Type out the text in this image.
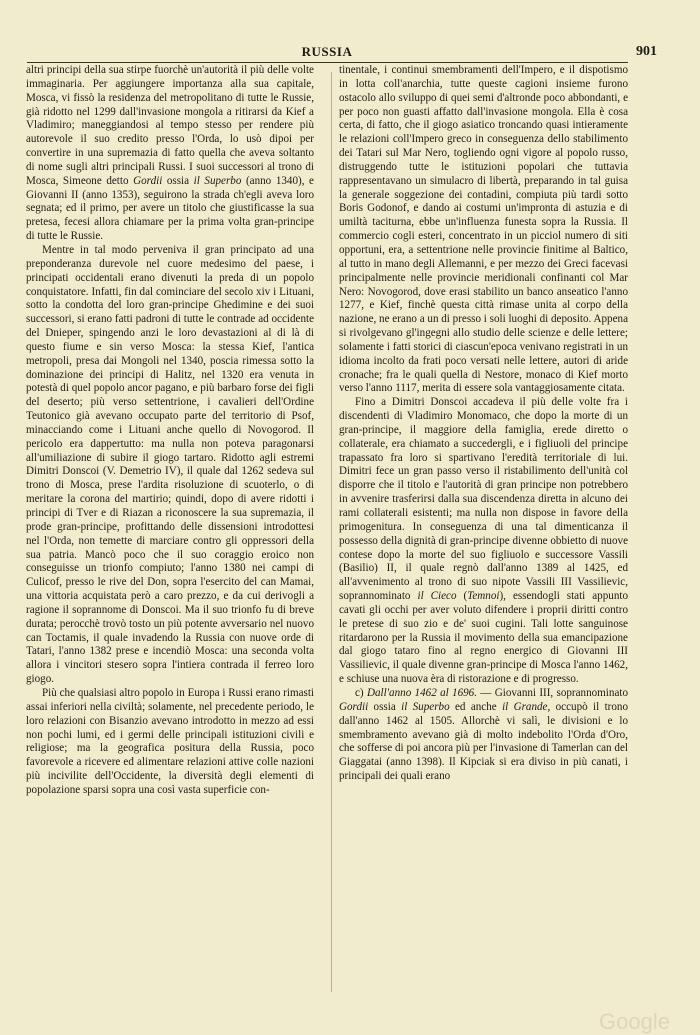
RUSSIA	901

altri principi della sua stirpe fuorchè un'autorità il più delle volte immaginaria. Per aggiungere importanza alla sua capitale, Mosca, vi fissò la residenza del metropolitano di tutte le Russie, già ridotto nel 1299 dall'invasione mongola a ritirarsi da Kief a Vladimiro; maneggiandosi al tempo stesso per rendere più autorevole il suo credito presso l'Orda, lo usò dipoi per convertire in una supremazia di fatto quella che aveva soltanto di nome sugli altri principali Russi. I suoi successori al trono di Mosca, Simeone detto Gordii ossia il Superbo (anno 1340), e Giovanni II (anno 1353), seguirono la strada ch'egli aveva loro segnata; ed il primo, per avere un titolo che giustificasse la sua pretesa, fecesi allora chiamare per la prima volta gran-principe di tutte le Russie.

Mentre in tal modo perveniva il gran principato ad una preponderanza durevole nel cuore medesimo del paese, i principati occidentali erano divenuti la preda di un popolo conquistatore. Infatti, fin dal cominciare del secolo xiv i Lituani, sotto la condotta del loro gran-principe Ghedimine e dei suoi successori, si erano fatti padroni di tutte le contrade ad occidente del Dnieper, spingendo anzi le loro devastazioni al di là di questo fiume e sin verso Mosca: la stessa Kief, l'antica metropoli, presa dai Mongoli nel 1340, poscia rimessa sotto la dominazione dei principi di Halitz, nel 1320 era venuta in potestà di quel popolo ancor pagano, e più barbaro forse dei figli del deserto; più verso settentrione, i cavalieri dell'Ordine Teutonico già avevano occupato parte del territorio di Psof, minacciando come i Lituani anche quello di Novogorod. Il pericolo era dappertutto: ma nulla non poteva paragonarsi all'umiliazione di subire il giogo tartaro. Ridotto agli estremi Dimitri Donscoi (V. Demetrio IV), il quale dal 1262 sedeva sul trono di Mosca, prese l'ardita risoluzione di scuoterlo, o di meritare la corona del martirio; quindi, dopo di avere ridotti i principi di Tver e di Riazan a riconoscere la sua supremazia, il prode gran-principe, profittando delle dissensioni introdottesi nel l'Orda, non temette di marciare contro gli oppressori della sua patria. Mancò poco che il suo coraggio eroico non conseguisse un trionfo compiuto; l'anno 1380 nei campi di Culicof, presso le rive del Don, sopra l'esercito del can Mamai, una vittoria acquistata però a caro prezzo, e da cui derivogli a ragione il soprannome di Donscoi. Ma il suo trionfo fu di breve durata; perocchè trovò tosto un più potente avversario nel nuovo can Toctamis, il quale invadendo la Russia con nuove orde di Tatari, l'anno 1382 prese e incendiò Mosca: una seconda volta allora i vincitori stesero sopra l'intiera contrada il ferreo loro giogo.

Più che qualsiasi altro popolo in Europa i Russi erano rimasti assai inferiori nella civiltà; solamente, nel precedente periodo, le loro relazioni con Bisanzio avevano introdotto in mezzo ad essi non pochi lumi, ed i germi delle principali istituzioni civili e religiose; ma la geografica positura della Russia, poco favorevole a ricevere ed alimentare relazioni attive colle nazioni più incivilite dell'Occidente, la diversità degli elementi di popolazione sparsi sopra una così vasta superficie con-

tinentale, i continui smembramenti dell'Impero, e il dispotismo in lotta coll'anarchia, tutte queste cagioni insieme furono ostacolo allo sviluppo di quei semi d'altronde poco abbondanti, e per poco non guasti affatto dall'invasione mongola. Ella è cosa certa, di fatto, che il giogo asiatico troncando quasi intieramente le relazioni coll'Impero greco in conseguenza dello stabilimento dei Tatari sul Mar Nero, togliendo ogni vigore al popolo russo, distruggendo tutte le istituzioni popolari che tuttavia rappresentavano un simulacro di libertà, preparando in tal guisa la generale soggezione dei contadini, compiuta più tardi sotto Boris Godonof, e dando ai costumi un'impronta di astuzia e di umiltà taciturna, ebbe un'influenza funesta sopra la Russia. Il commercio cogli esteri, concentrato in un picciol numero di siti opportuni, era, a settentrione nelle provincie finitime al Baltico, al tutto in mano degli Allemanni, e per mezzo dei Greci facevasi principalmente nelle provincie meridionali confinanti col Mar Nero: Novogorod, dove erasi stabilito un banco anseatico l'anno 1277, e Kief, finchè questa città rimase unita al corpo della nazione, ne erano a un di presso i soli luoghi di deposito. Appena si rivolgevano gl'ingegni allo studio delle scienze e delle lettere; solamente i fatti storici di ciascun'epoca venivano registrati in un idioma incolto da frati poco versati nelle lettere, autori di aride cronache; fra le quali quella di Nestore, monaco di Kief morto verso l'anno 1117, merita di essere sola vantaggiosamente citata.

Fino a Dimitri Donscoi accadeva il più delle volte fra i discendenti di Vladimiro Monomaco, che dopo la morte di un gran-principe, il maggiore della famiglia, erede diretto o collaterale, era chiamato a succedergli, e i figliuoli del principe trapassato fra loro si spartivano l'eredità territoriale di lui. Dimitri fece un gran passo verso il ristabilimento dell'unità col disporre che il titolo e l'autorità di gran principe non potrebbero in avvenire trasferirsi dalla sua discendenza diretta in alcuno dei rami collaterali esistenti; ma nulla non dispose in favore della primogenitura. In conseguenza di una tal dimenticanza il possesso della dignità di gran-principe divenne obbietto di nuove contese dopo la morte del suo figliuolo e successore Vassili (Basilio) II, il quale regnò dall'anno 1389 al 1425, ed all'avvenimento al trono di suo nipote Vassili III Vassilievic, soprannominato il Cieco (Temnoi), essendogli stati appunto cavati gli occhi per aver voluto difendere i proprii diritti contro le pretese di suo zio e de' suoi cugini. Tali lotte sanguinose ritardarono per la Russia il movimento della sua emancipazione dal giogo tataro fino al regno energico di Giovanni III Vassilievic, il quale divenne gran-principe di Mosca l'anno 1462, e schiuse una nuova èra di ristorazione e di progresso.

c) Dall'anno 1462 al 1696. — Giovanni III, soprannominato Gordii ossia il Superbo ed anche il Grande, occupò il trono dall'anno 1462 al 1505. Allorchè vi salì, le divisioni e lo smembramento avevano già di molto indebolito l'Orda d'Oro, che sofferse di poi ancora più per l'invasione di Tamerlan can del Giaggatai (anno 1398). Il Kipciak si era diviso in più canati, i principali dei quali erano

Google
